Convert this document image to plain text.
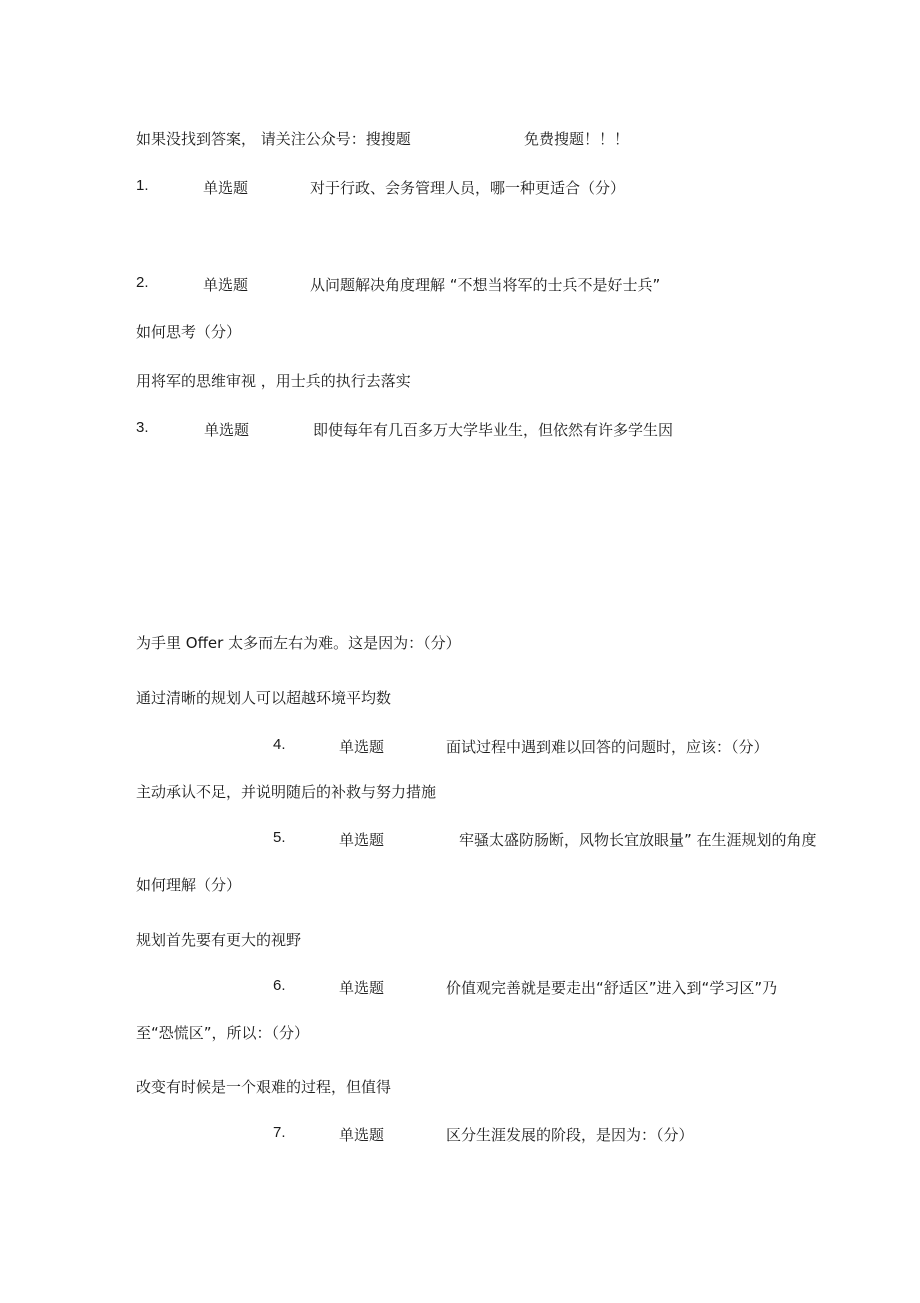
如果没找到答案， 请关注公众号：搜搜题	免费搜题！！！
1.	单选题	对于行政、会务管理人员，哪一种更适合（分）
2.	单选题	从问题解决角度理解 “不想当将军的士兵不是好士兵”
如何思考（分）
用将军的思维审视 ，用士兵的执行去落实
3.	单选题	即使每年有几百多万大学毕业生，但依然有许多学生因
为手里 Offer 太多而左右为难。这是因为：（分）
通过清晰的规划人可以超越环境平均数
4.	单选题	面试过程中遇到难以回答的问题时，应该：（分）
主动承认不足，并说明随后的补救与努力措施
5.	单选题	牢骚太盛防肠断，风物长宜放眼量” 在生涯规划的角度
如何理解（分）
规划首先要有更大的视野
6.	单选题	价值观完善就是要走出“舒适区”进入到“学习区”乃
至“恐慌区”，所以：（分）
改变有时候是一个艰难的过程，但值得
7.	单选题	区分生涯发展的阶段，是因为：（分）
